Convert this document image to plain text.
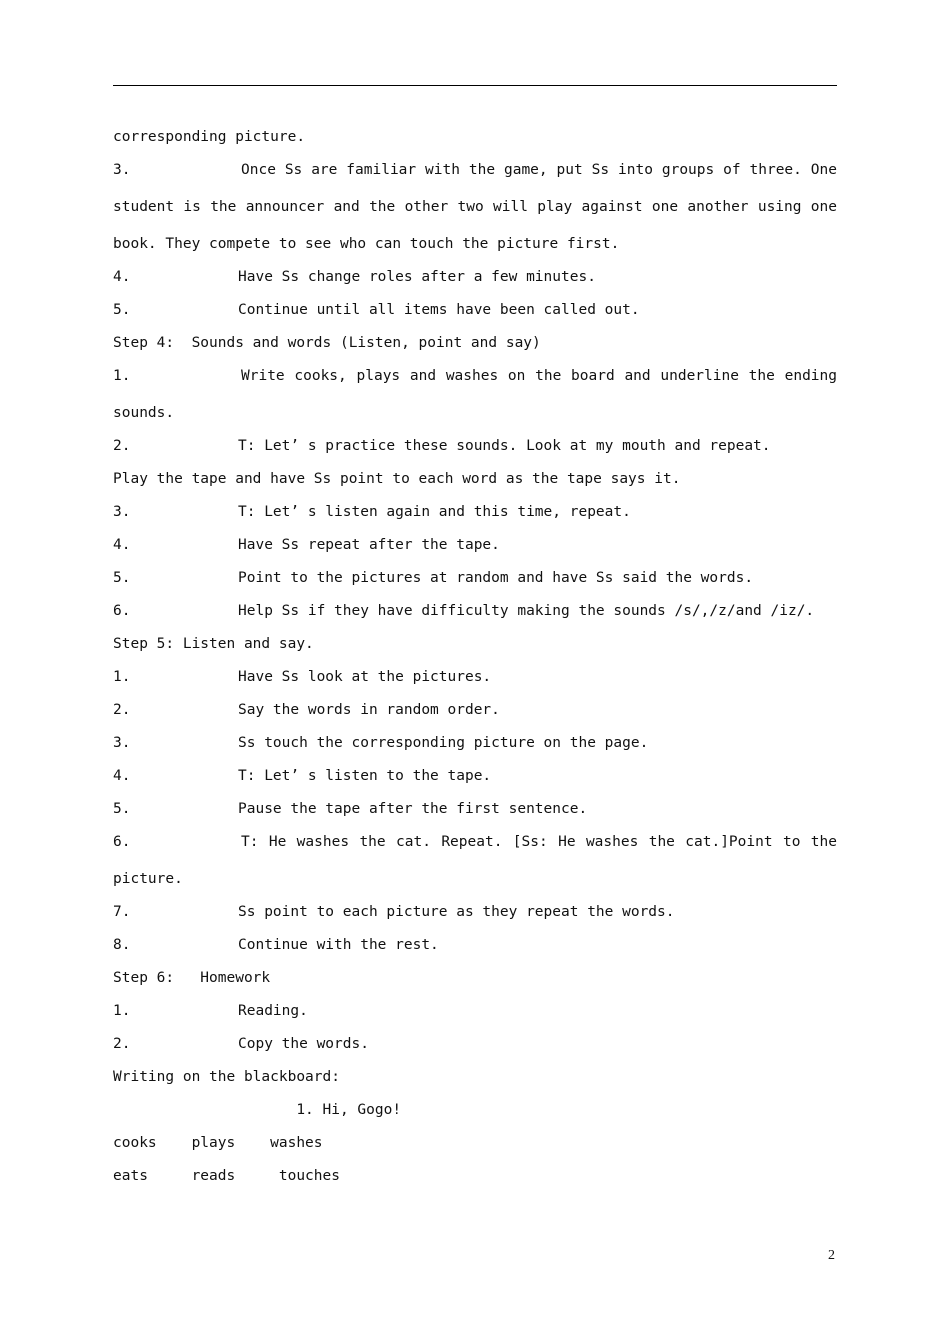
corresponding picture.
3.	Once Ss are familiar with the game, put Ss into groups of three. One
student is the announcer and the other two will play against one another using one
book. They compete to see who can touch the picture first.
4.	Have Ss change roles after a few minutes.
5.	Continue until all items have been called out.
Step 4:  Sounds and words (Listen, point and say)
1.	Write cooks, plays and washes on the board and underline the ending
sounds.
2.	T: Let’ s practice these sounds. Look at my mouth and repeat.
Play the tape and have Ss point to each word as the tape says it.
3.	T: Let’ s listen again and this time, repeat.
4.	Have Ss repeat after the tape.
5.	Point to the pictures at random and have Ss said the words.
6.	Help Ss if they have difficulty making the sounds /s/,/z/and /iz/.
Step 5: Listen and say.
1.	Have Ss look at the pictures.
2.	Say the words in random order.
3.	Ss touch the corresponding picture on the page.
4.	T: Let’ s listen to the tape.
5.	Pause the tape after the first sentence.
6.	T: He washes the cat. Repeat. [Ss: He washes the cat.]Point to the
picture.
7.	Ss point to each picture as they repeat the words.
8.	Continue with the rest.
Step 6:   Homework
1.	Reading.
2.	Copy the words.
Writing on the blackboard:
1. Hi, Gogo!
cooks    plays    washes
eats     reads     touches
2
